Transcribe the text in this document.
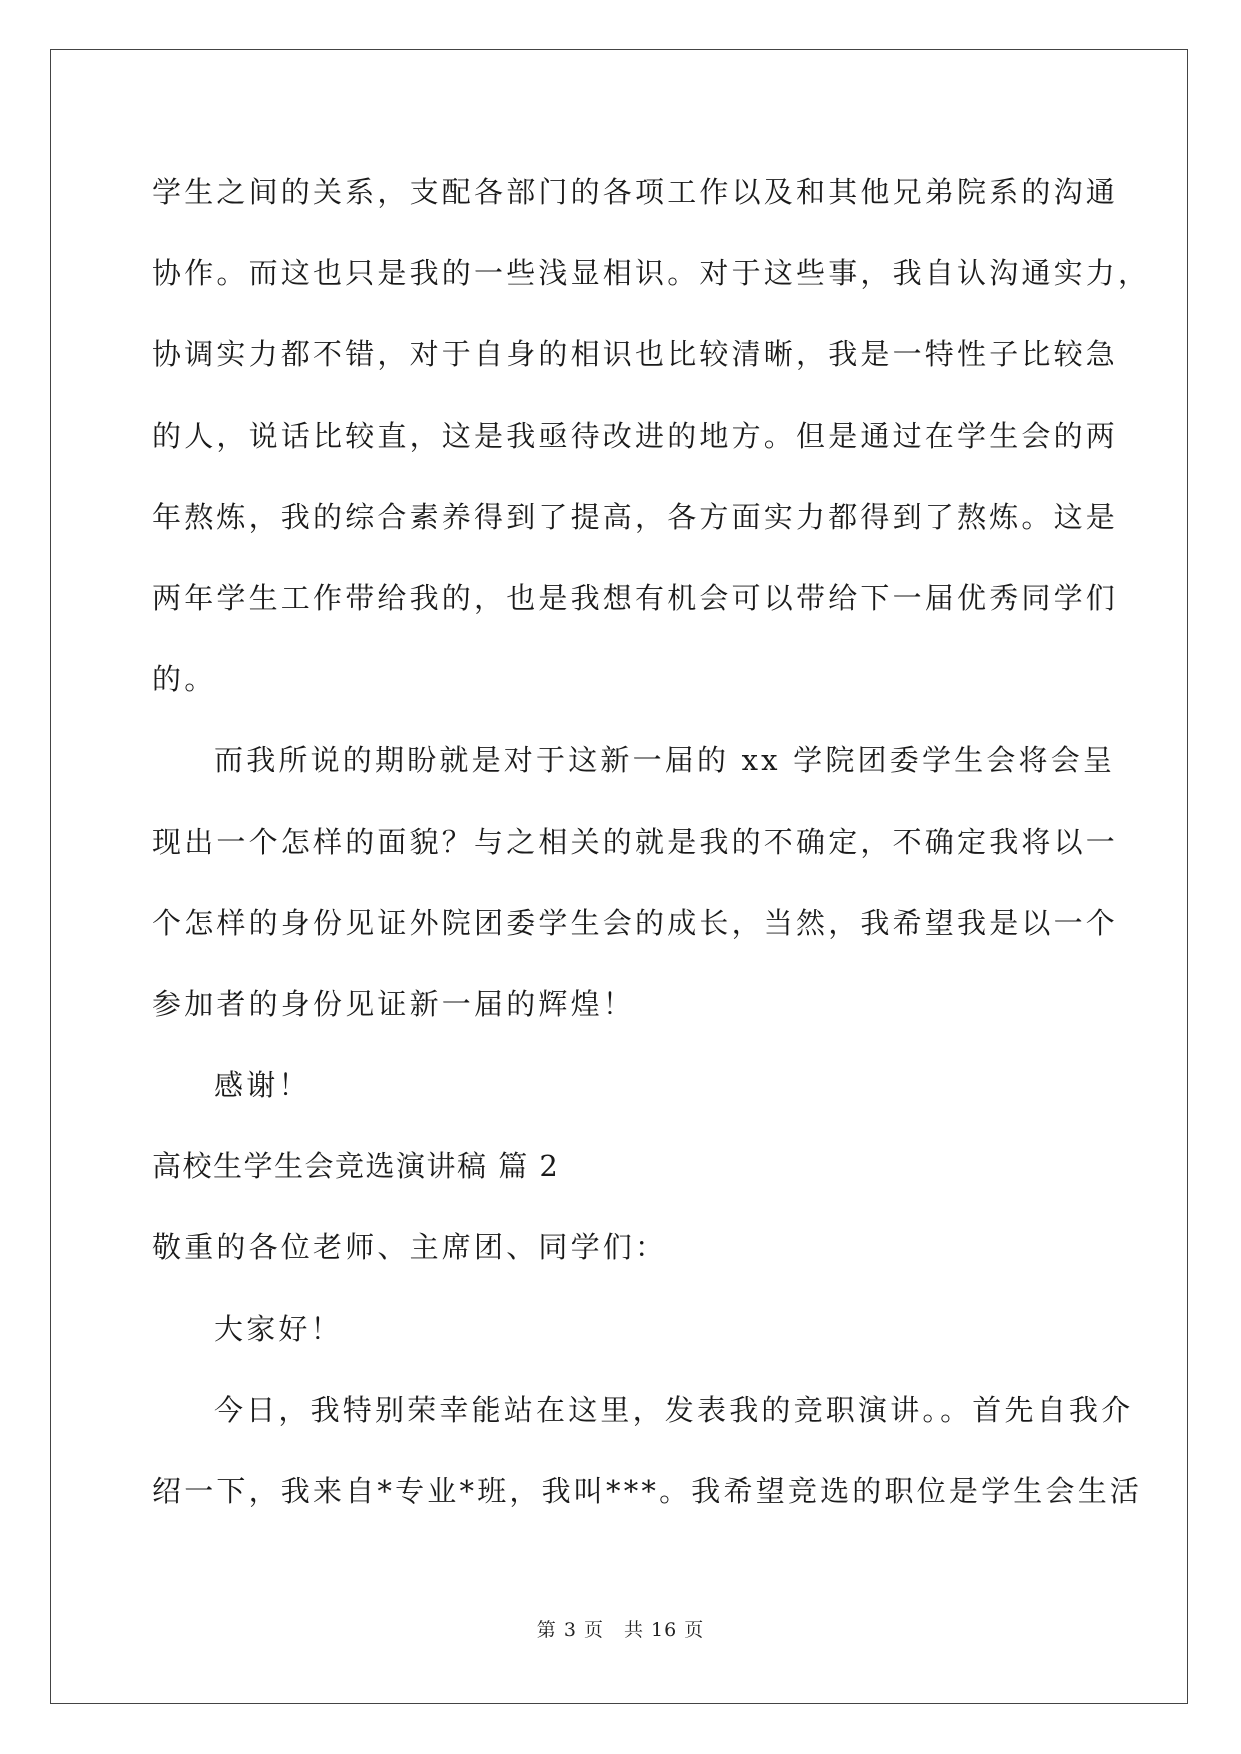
学生之间的关系，支配各部门的各项工作以及和其他兄弟院系的沟通
协作。而这也只是我的一些浅显相识。对于这些事，我自认沟通实力，
协调实力都不错，对于自身的相识也比较清晰，我是一特性子比较急
的人，说话比较直，这是我亟待改进的地方。但是通过在学生会的两
年熬炼，我的综合素养得到了提高，各方面实力都得到了熬炼。这是
两年学生工作带给我的，也是我想有机会可以带给下一届优秀同学们
的。
而我所说的期盼就是对于这新一届的 xx 学院团委学生会将会呈
现出一个怎样的面貌？与之相关的就是我的不确定，不确定我将以一
个怎样的身份见证外院团委学生会的成长，当然，我希望我是以一个
参加者的身份见证新一届的辉煌！
感谢！
高校生学生会竞选演讲稿 篇 2
敬重的各位老师、主席团、同学们：
大家好！
今日，我特别荣幸能站在这里，发表我的竞职演讲。。首先自我介
绍一下，我来自*专业*班，我叫***。我希望竞选的职位是学生会生活
第 3 页　共 16 页
